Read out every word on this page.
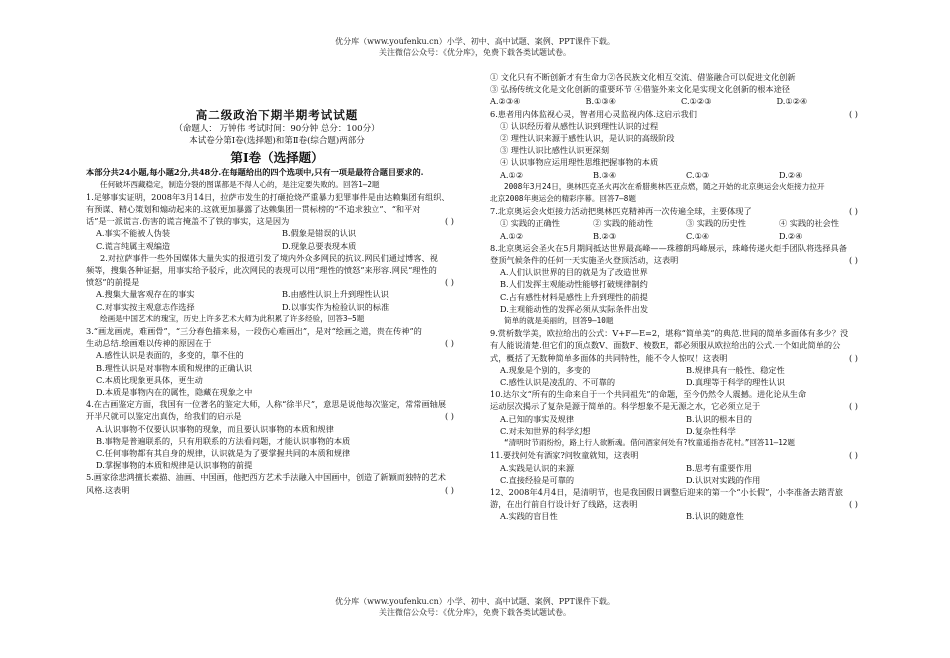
优分库（www.youfenku.cn）小学、初中、高中试题、案例、PPT课件下载。
关注微信公众号：《优分库》，免费下载各类试题试卷。

高二级政治下期半期考试试题

（命题人： 万钟伟 考试时间：90分钟 总分：100分）

本试卷分第Ⅰ卷(选择题)和第Ⅱ卷(综合题)两部分

第Ⅰ卷（选择题）

本部分共24小题,每小题2分,共48分.在每题给出的四个选项中,只有一项是最符合题目要求的.

任何破坏西藏稳定，制造分裂的图谋都是不得人心的，是注定要失败的。回答1—2题

1.足够事实证明，2008年3月14日，拉萨市发生的打砸抢烧严重暴力犯罪事件是由达赖集团有组织、

有预谋、精心策划和煽动起来的.这就更加暴露了达赖集团一贯标榜的“不追求独立”、“和平对

话”是一派谎言.伤害的谎言掩盖不了铁的事实，这是因为	( )

A.事实不能被人伪装	B.假象是错误的认识

C.谎言纯属主观编造	D.现象总要表现本质

2.对拉萨事件一些外国媒体大量失实的报道引发了境内外众多网民的抗议.网民们通过博客、视

频等，搜集各种证据，用事实给予驳斥，此次网民的表现可以用“理性的愤怒”来形容.网民“理性的

愤怒”的前提是	( )

A.搜集大量客观存在的事实	B.由感性认识上升到理性认识

C.对事实按主观意志作选择	D.以事实作为检验认识的标准

绘画是中国艺术的瑰宝，历史上许多艺术大师为此积累了许多经验，回答3—5题

3.“画龙画虎，难画骨”，“三分春色描来易，一段伤心难画出”，是对“绘画之道，贵在传神”的

生动总结.绘画难以传神的原因在于	( )

A.感性认识是表面的，多变的，靠不住的

B.理性认识是对事物本质和规律的正确认识

C.本质比现象更具体，更生动

D.本质是事物内在的属性，隐藏在现象之中

4.在古画鉴定方面，我国有一位著名的鉴定大师，人称“徐半尺”，意思是说他每次鉴定，常常画轴展

开半尺就可以鉴定出真伪，给我们的启示是	( )

A.认识事物不仅要认识事物的现象，而且要认识事物的本质和规律

B.事物是普遍联系的，只有用联系的方法看问题，才能认识事物的本质

C.任何事物都有其自身的规律，认识就是为了要掌握共同的本质和规律

D.掌握事物的本质和规律是认识事物的前提

5.画家徐悲鸿擅长素描、油画、中国画，他把西方艺术手法融入中国画中，创造了新颖而独特的艺术

风格.这表明	( )

① 文化只有不断创新才有生命力②各民族文化相互交流、借鉴融合可以促进文化创新

③ 弘扬传统文化是文化创新的重要环节 ④借鉴外来文化是实现文化创新的根本途径

A.②③④	B.①③④	C.①②③	D.①②④

6.患者用内体监视心灵，智者用心灵监视内体.这启示我们	( )

① 认识经历着从感性认识到理性认识的过程

② 理性认识来源于感性认识，是认识的高级阶段

③ 理性认识比感性认识更深刻

④ 认识事物应运用理性思维把握事物的本质

A.①②	B.③④	C.①③	D.②④

2008年3月24日，奥林匹克圣火再次在希腊奥林匹亚点燃，随之开始的北京奥运会火炬接力拉开

北京2008年奥运会的精彩序幕。回答7—8题

7.北京奥运会火炬接力活动把奥林匹克精神再一次传遍全球，主要体现了	( )

① 实践的正确性	② 实践的能动性	③ 实践的历史性	④ 实践的社会性

A.①②	B.②③	C.①④	D.②④

8.北京奥运会圣火在5月期间抵达世界最高峰——珠穆朗玛峰展示，珠峰传递火炬手团队将选择具备

登顶气候条件的任何一天实施圣火登顶活动，这表明	( )

A.人们认识世界的目的就是为了改造世界

B.人们发挥主观能动性能够打破规律制约

C.占有感性材料是感性上升到理性的前提

D.主观能动性的发挥必须从实际条件出发

简单的就是美丽的，回答9—10题

9.赏析数学美，欧拉给出的公式：V+F—E=2，堪称“简单美”的典范.世间的简单多面体有多少？没

有人能说清楚.但它们的顶点数V、面数F、棱数E，都必须服从欧拉给出的公式.一个如此简单的公

式，概括了无数种简单多面体的共同特性，能不令人惊叹！这表明	( )

A.现象是个别的，多变的	B.规律具有一般性、稳定性

C.感性认识是凌乱的、不可靠的	D.真理等于科学的理性认识

10.达尔文“所有的生命来自于一个共同祖先”的命题，至今仍然令人震撼。进化论从生命

运动层次揭示了复杂是源于简单的。科学想象不是无源之水，它必须立足于	( )

A.已知的事实及规律	B.认识的根本目的

C.对未知世界的科学幻想	D.复杂性科学

“清明时节雨纷纷，路上行人欲断魂。借问酒家何处有?牧童遥指杏花村。”回答11—12题

11.要找何处有酒家?问牧童就知，这表明	( )

A.实践是认识的来源	B.思考有重要作用

C.直接经验是可靠的	D.认识对实践的作用

12、2008年4月4日，是清明节，也是我国假日调整后迎来的第一个“小长假”，小李准备去踏青旅

游，在出行前自行设计好了线路，这表明	( )

A.实践的盲目性	B.认识的随意性

优分库（www.youfenku.cn）小学、初中、高中试题、案例、PPT课件下载。
关注微信公众号：《优分库》，免费下载各类试题试卷。
